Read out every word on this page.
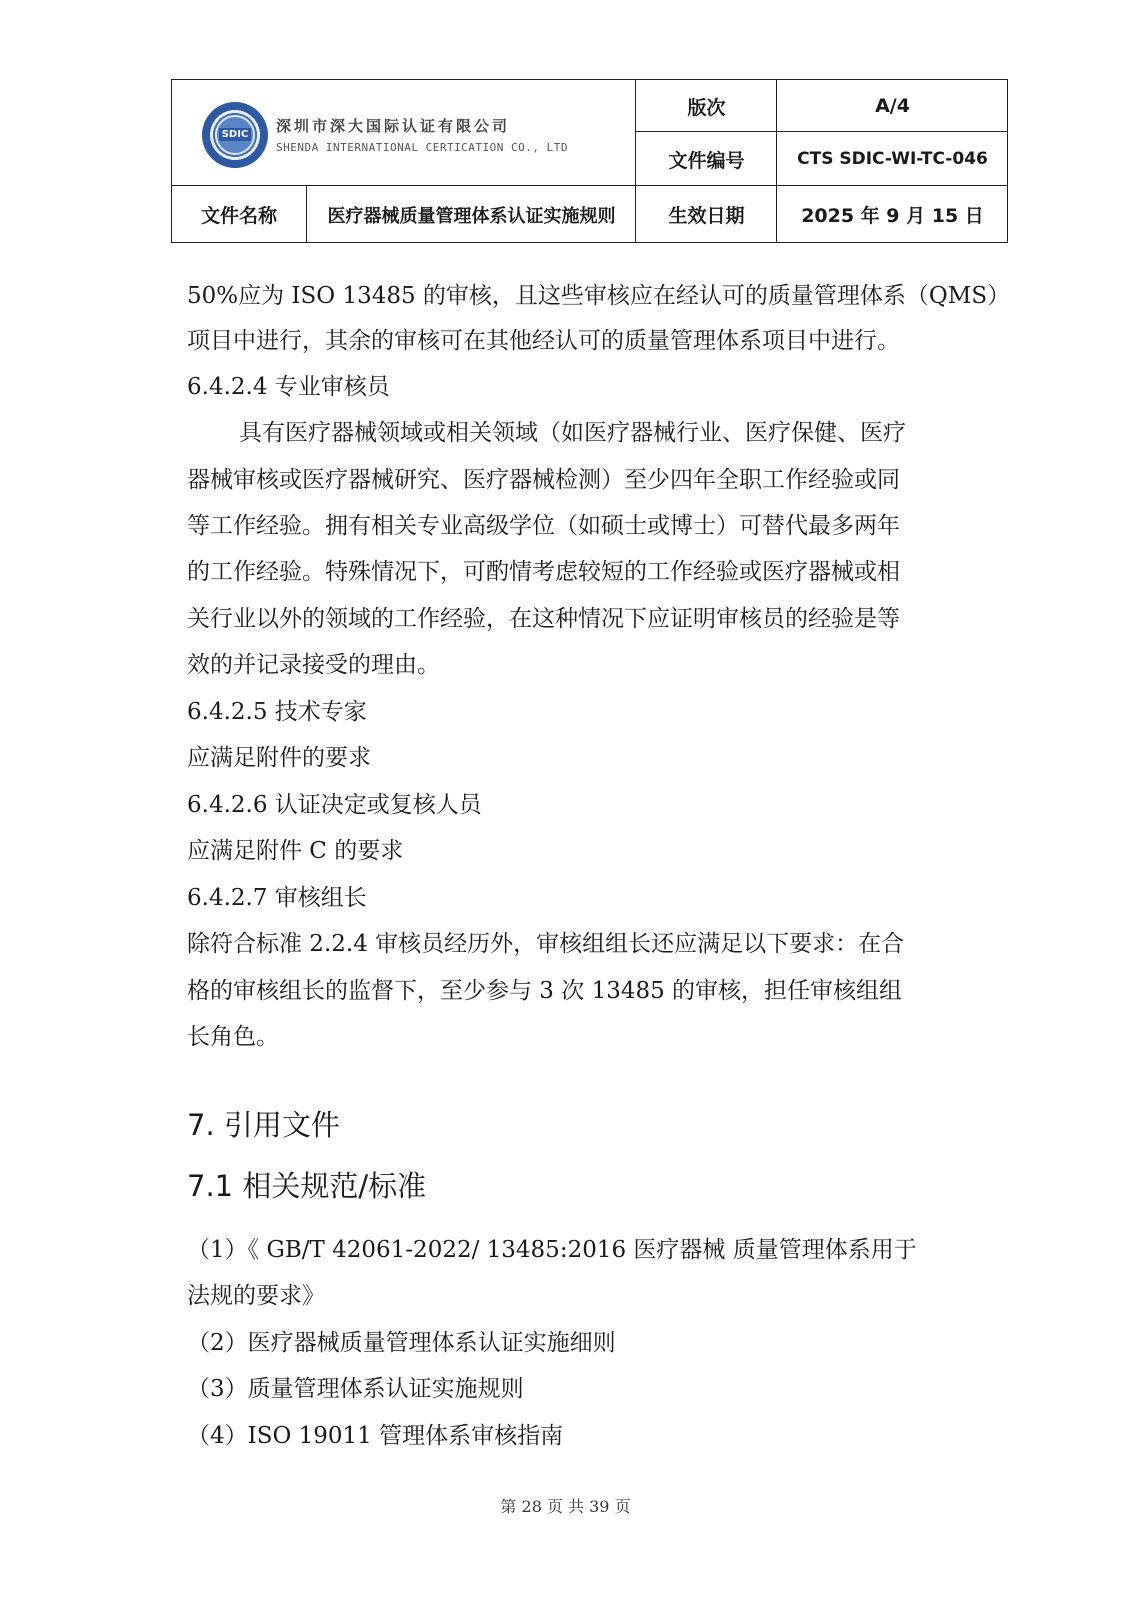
SDIC 深圳市深大国际认证有限公司
SHENDA INTERNATIONAL CERTICATION CO., LTD
版次	A/4
文件编号	CTS SDIC-WI-TC-046
文件名称	医疗器械质量管理体系认证实施规则	生效日期	2025 年 9 月 15 日
50%应为 ISO 13485 的审核，且这些审核应在经认可的质量管理体系（QMS）
项目中进行，其余的审核可在其他经认可的质量管理体系项目中进行。
6.4.2.4 专业审核员
具有医疗器械领域或相关领域（如医疗器械行业、医疗保健、医疗
器械审核或医疗器械研究、医疗器械检测）至少四年全职工作经验或同
等工作经验。拥有相关专业高级学位（如硕士或博士）可替代最多两年
的工作经验。特殊情况下，可酌情考虑较短的工作经验或医疗器械或相
关行业以外的领域的工作经验，在这种情况下应证明审核员的经验是等
效的并记录接受的理由。
6.4.2.5 技术专家
应满足附件的要求
6.4.2.6 认证决定或复核人员
应满足附件 C 的要求
6.4.2.7 审核组长
除符合标准 2.2.4 审核员经历外，审核组组长还应满足以下要求：在合
格的审核组长的监督下，至少参与 3 次 13485 的审核，担任审核组组
长角色。
7. 引用文件
7.1 相关规范/标准
（1）《 GB/T 42061-2022/ 13485:2016 医疗器械 质量管理体系用于
法规的要求》
（2）医疗器械质量管理体系认证实施细则
（3）质量管理体系认证实施规则
（4）ISO 19011 管理体系审核指南
第 28 页 共 39 页
